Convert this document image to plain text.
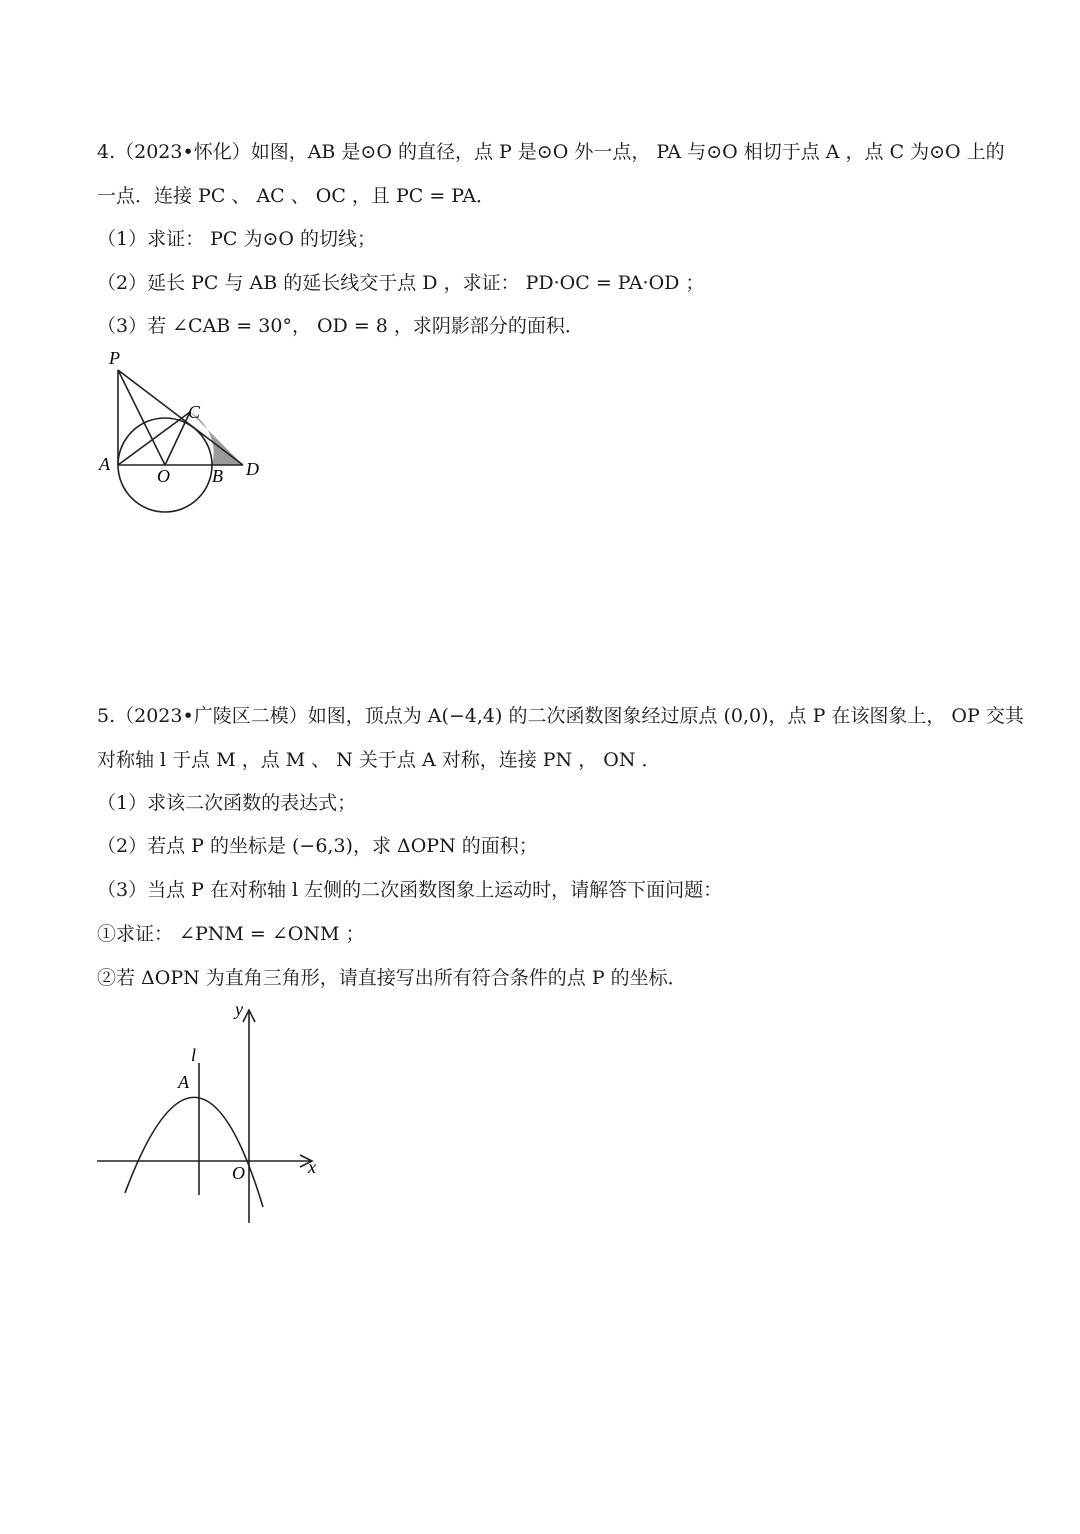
4.（2023•怀化）如图，AB 是⊙O 的直径，点 P 是⊙O 外一点， PA 与⊙O 相切于点 A ，点 C 为⊙O 上的
一点．连接 PC 、 AC 、 OC ，且 PC = PA．
（1）求证： PC 为⊙O 的切线；
（2）延长 PC 与 AB 的延长线交于点 D ，求证： PD·OC = PA·OD ；
（3）若 ∠CAB = 30°， OD = 8 ，求阴影部分的面积．
P
C
A
O B D
5.（2023•广陵区二模）如图，顶点为 A(−4,4) 的二次函数图象经过原点 (0,0)，点 P 在该图象上， OP 交其
对称轴 l 于点 M ，点 M 、 N 关于点 A 对称，连接 PN ， ON ．
（1）求该二次函数的表达式；
（2）若点 P 的坐标是 (−6,3)，求 ΔOPN 的面积；
（3）当点 P 在对称轴 l 左侧的二次函数图象上运动时，请解答下面问题：
①求证： ∠PNM = ∠ONM ；
②若 ΔOPN 为直角三角形，请直接写出所有符合条件的点 P 的坐标．
y
l
A
O	x
